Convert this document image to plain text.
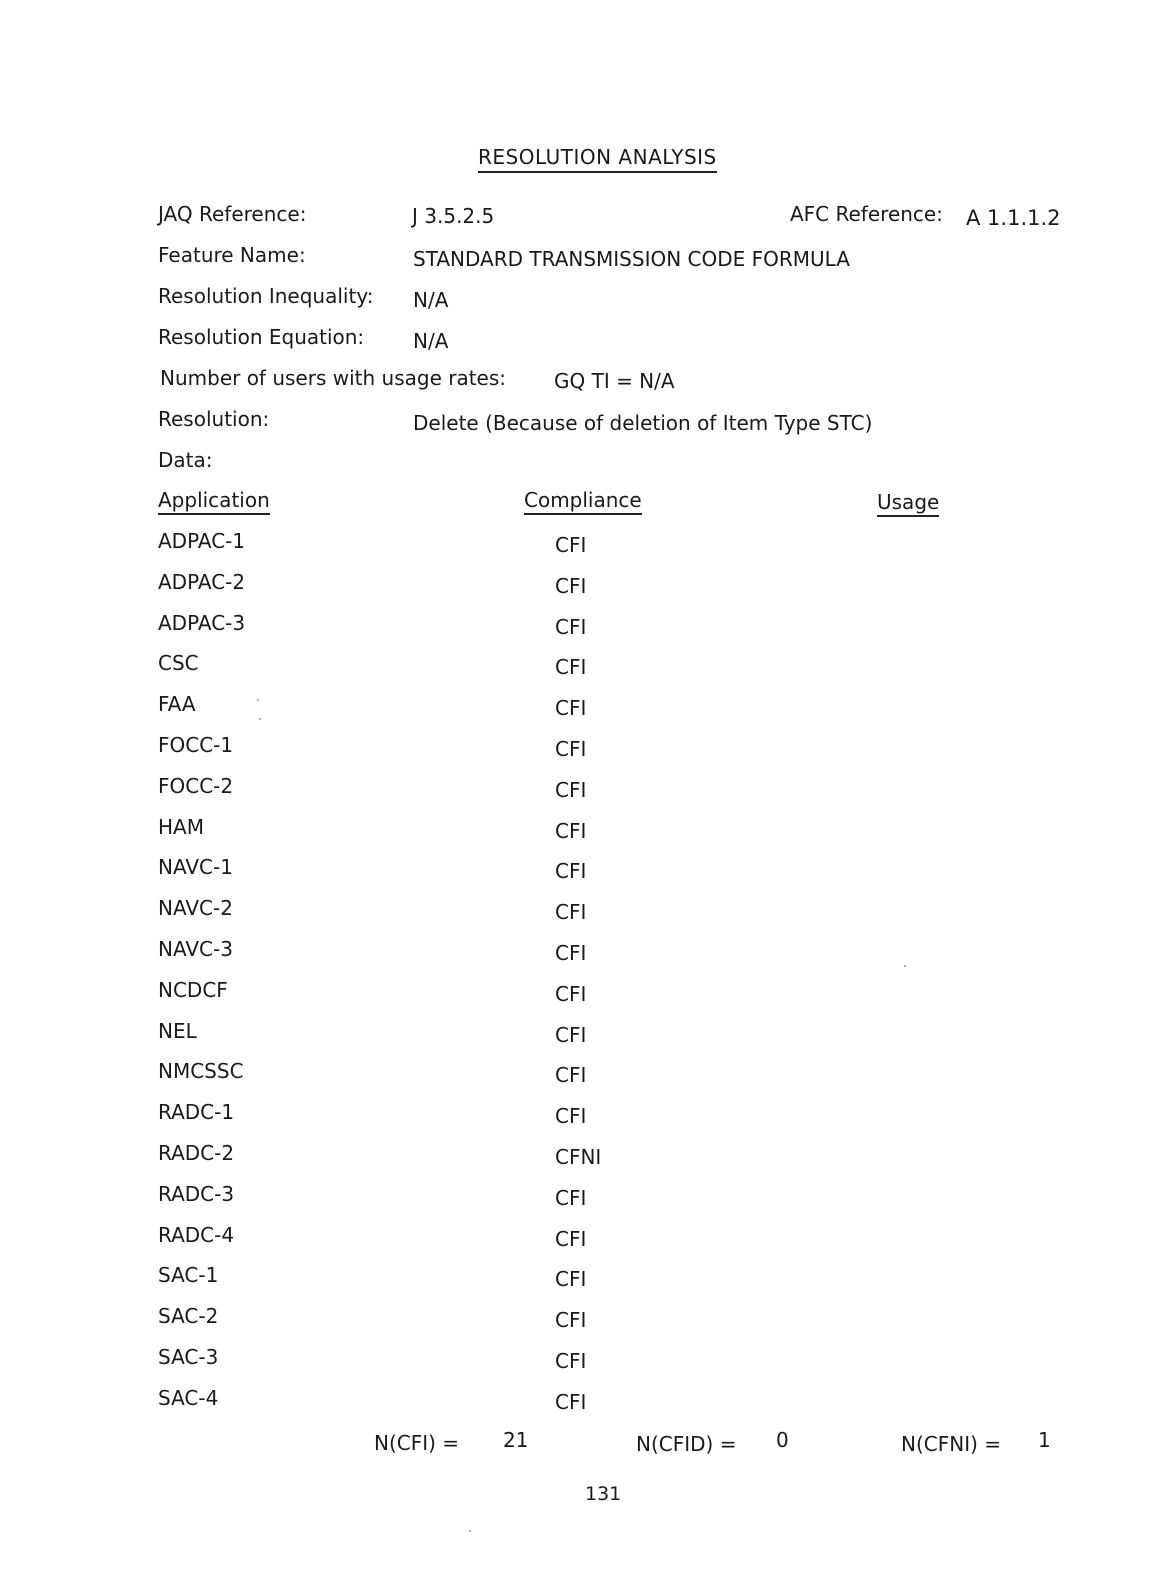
RESOLUTION ANALYSIS
JAQ Reference:	J 3.5.2.5	AFC Reference: A 1.1.1.2
Feature Name:	STANDARD TRANSMISSION CODE FORMULA
Resolution Inequality: N/A
Resolution Equation: N/A
Number of users with usage rates: GQ TI = N/A
Resolution:	Delete (Because of deletion of Item Type STC)
Data:
Application	Compliance	Usage
ADPAC-1	CFI
ADPAC-2	CFI
ADPAC-3	CFI
CSC	CFI
FAA	CFI
FOCC-1	CFI
FOCC-2	CFI
HAM	CFI
NAVC-1	CFI
NAVC-2	CFI
NAVC-3	CFI
NCDCF	CFI
NEL	CFI
NMCSSC	CFI
RADC-1	CFI
RADC-2	CFNI
RADC-3	CFI
RADC-4	CFI
SAC-1	CFI
SAC-2	CFI
SAC-3	CFI
SAC-4	CFI
N(CFI) = 21	N(CFID) = 0	N(CFNI) = 1
131
